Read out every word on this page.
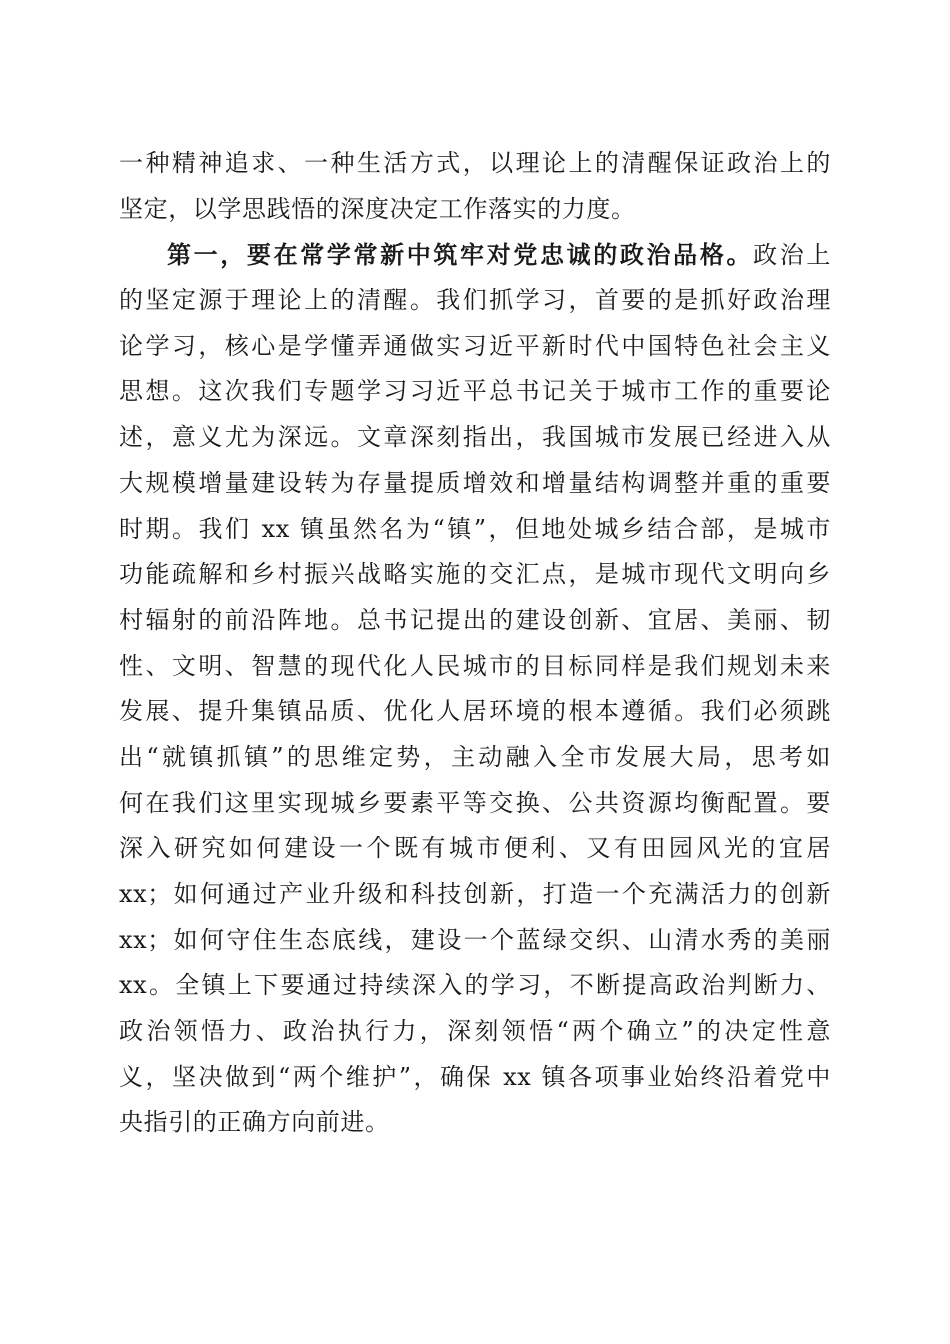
一种精神追求、一种生活方式，以理论上的清醒保证政治上的
坚定，以学思践悟的深度决定工作落实的力度。
第一，要在常学常新中筑牢对党忠诚的政治品格。政治上
的坚定源于理论上的清醒。我们抓学习，首要的是抓好政治理
论学习，核心是学懂弄通做实习近平新时代中国特色社会主义
思想。这次我们专题学习习近平总书记关于城市工作的重要论
述，意义尤为深远。文章深刻指出，我国城市发展已经进入从
大规模增量建设转为存量提质增效和增量结构调整并重的重要
时期。我们 xx 镇虽然名为“镇”，但地处城乡结合部，是城市
功能疏解和乡村振兴战略实施的交汇点，是城市现代文明向乡
村辐射的前沿阵地。总书记提出的建设创新、宜居、美丽、韧
性、文明、智慧的现代化人民城市的目标同样是我们规划未来
发展、提升集镇品质、优化人居环境的根本遵循。我们必须跳
出“就镇抓镇”的思维定势，主动融入全市发展大局，思考如
何在我们这里实现城乡要素平等交换、公共资源均衡配置。要
深入研究如何建设一个既有城市便利、又有田园风光的宜居
xx；如何通过产业升级和科技创新，打造一个充满活力的创新
xx；如何守住生态底线，建设一个蓝绿交织、山清水秀的美丽
xx。全镇上下要通过持续深入的学习，不断提高政治判断力、
政治领悟力、政治执行力，深刻领悟“两个确立”的决定性意
义，坚决做到“两个维护”，确保 xx 镇各项事业始终沿着党中
央指引的正确方向前进。
